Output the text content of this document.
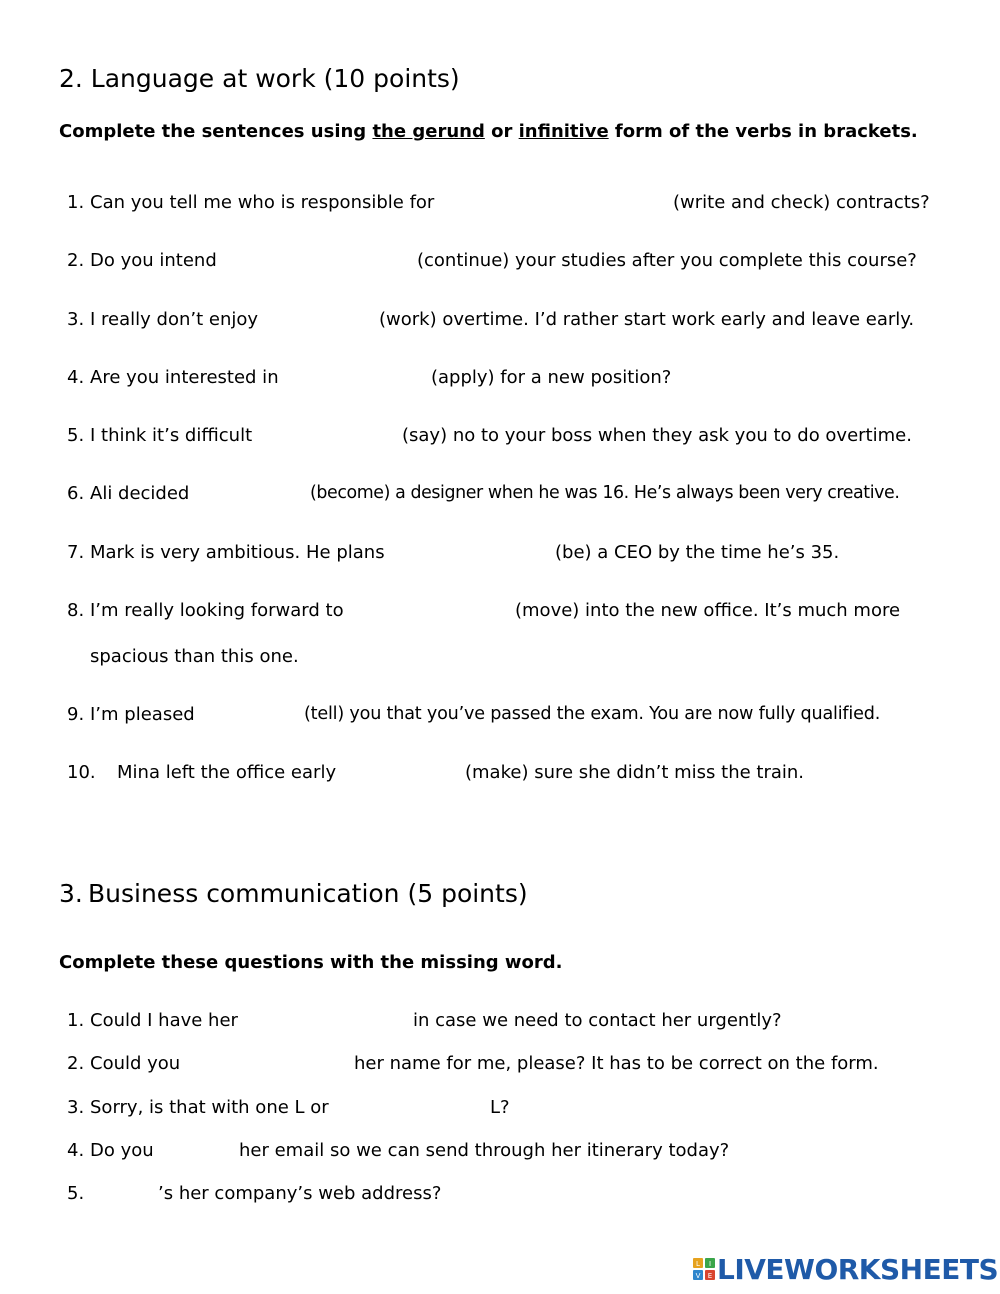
2. Language at work (10 points)
Complete the sentences using the gerund or infinitive form of the verbs in brackets.
1. Can you tell me who is responsible for	(write and check) contracts?
2. Do you intend	(continue) your studies after you complete this course?
3. I really don’t enjoy	(work) overtime. I’d rather start work early and leave early.
4. Are you interested in	(apply) for a new position?
5. I think it’s difficult	(say) no to your boss when they ask you to do overtime.
6. Ali decided	(become) a designer when he was 16. He’s always been very creative.
7. Mark is very ambitious. He plans	(be) a CEO by the time he’s 35.
8. I’m really looking forward to	(move) into the new office. It’s much more
spacious than this one.
9. I’m pleased	(tell) you that you’ve passed the exam. You are now fully qualified.
10. Mina left the office early	(make) sure she didn’t miss the train.
3. Business communication (5 points)
Complete these questions with the missing word.
1. Could I have her	in case we need to contact her urgently?
2. Could you	her name for me, please? It has to be correct on the form.
3. Sorry, is that with one L or	L?
4. Do you	her email so we can send through her itinerary today?
5.	’s her company’s web address?
L I
V E LIVEWORKSHEETS
